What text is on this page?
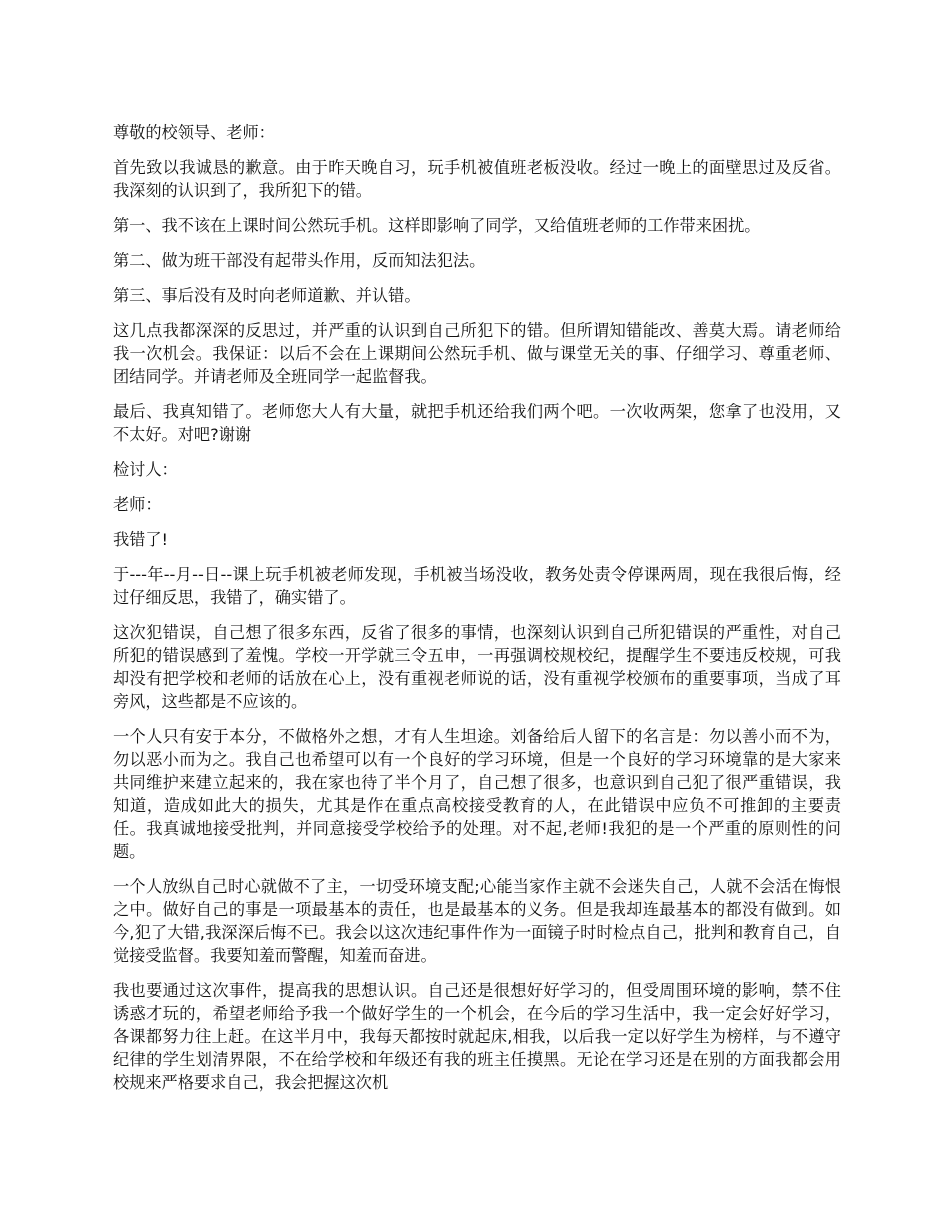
尊敬的校领导、老师：

首先致以我诚恳的歉意。由于昨天晚自习，玩手机被值班老板没收。经过一晚上的面壁思过及反省。我深刻的认识到了，我所犯下的错。

第一、我不该在上课时间公然玩手机。这样即影响了同学，又给值班老师的工作带来困扰。

第二、做为班干部没有起带头作用，反而知法犯法。

第三、事后没有及时向老师道歉、并认错。

这几点我都深深的反思过，并严重的认识到自己所犯下的错。但所谓知错能改、善莫大焉。请老师给我一次机会。我保证：以后不会在上课期间公然玩手机、做与课堂无关的事、仔细学习、尊重老师、团结同学。并请老师及全班同学一起监督我。

最后、我真知错了。老师您大人有大量，就把手机还给我们两个吧。一次收两架，您拿了也没用，又不太好。对吧?谢谢

检讨人：

老师：

我错了!

于---年--月--日--课上玩手机被老师发现，手机被当场没收，教务处责令停课两周，现在我很后悔，经过仔细反思，我错了，确实错了。

这次犯错误，自己想了很多东西，反省了很多的事情，也深刻认识到自己所犯错误的严重性，对自己所犯的错误感到了羞愧。学校一开学就三令五申，一再强调校规校纪，提醒学生不要违反校规，可我却没有把学校和老师的话放在心上，没有重视老师说的话，没有重视学校颁布的重要事项，当成了耳旁风，这些都是不应该的。

一个人只有安于本分，不做格外之想，才有人生坦途。刘备给后人留下的名言是：勿以善小而不为，勿以恶小而为之。我自己也希望可以有一个良好的学习环境，但是一个良好的学习环境靠的是大家来共同维护来建立起来的，我在家也待了半个月了，自己想了很多，也意识到自己犯了很严重错误，我知道，造成如此大的损失，尤其是作在重点高校接受教育的人，在此错误中应负不可推卸的主要责任。我真诚地接受批判，并同意接受学校给予的处理。对不起,老师!我犯的是一个严重的原则性的问题。

一个人放纵自己时心就做不了主，一切受环境支配;心能当家作主就不会迷失自己，人就不会活在悔恨之中。做好自己的事是一项最基本的责任，也是最基本的义务。但是我却连最基本的都没有做到。如今,犯了大错,我深深后悔不已。我会以这次违纪事件作为一面镜子时时检点自己，批判和教育自己，自觉接受监督。我要知羞而警醒，知羞而奋进。

我也要通过这次事件，提高我的思想认识。自己还是很想好好学习的，但受周围环境的影响，禁不住诱惑才玩的，希望老师给予我一个做好学生的一个机会，在今后的学习生活中，我一定会好好学习，各课都努力往上赶。在这半月中，我每天都按时就起床,相我，以后我一定以好学生为榜样，与不遵守纪律的学生划清界限，不在给学校和年级还有我的班主任摸黑。无论在学习还是在别的方面我都会用校规来严格要求自己，我会把握这次机
